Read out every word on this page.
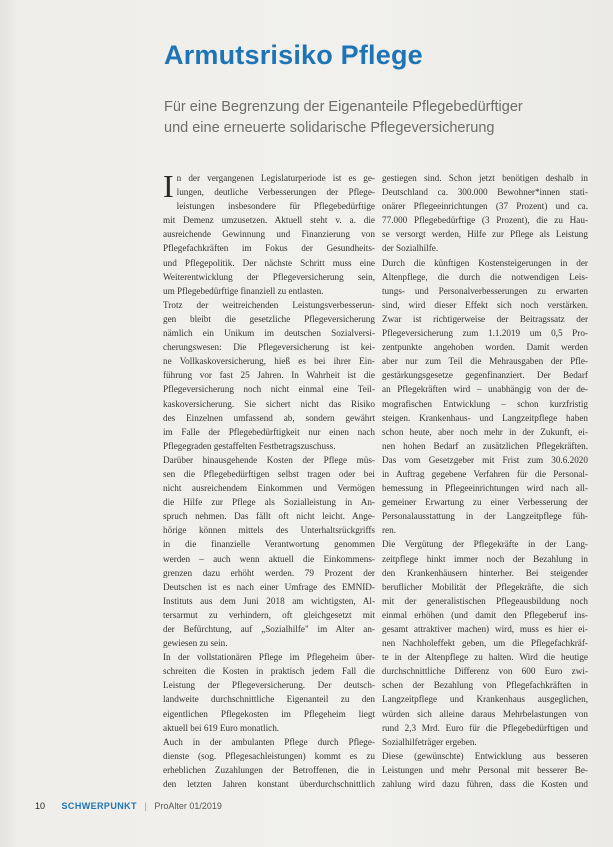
Armutsrisiko Pflege
Für eine Begrenzung der Eigenanteile Pflegebedürftiger
und eine erneuerte solidarische Pflegeversicherung
I n der vergangenen Legislaturperiode ist es ge-
lungen, deutliche Verbesserungen der Pflege-
leistungen insbesondere für Pflegebedürftige
mit Demenz umzusetzen. Aktuell steht v. a. die
ausreichende Gewinnung und Finanzierung von
Pflegefachkräften im Fokus der Gesundheits-
und Pflegepolitik. Der nächste Schritt muss eine
Weiterentwicklung der Pflegeversicherung sein,
um Pflegebedürftige finanziell zu entlasten.
Trotz der weitreichenden Leistungsverbesserun-
gen bleibt die gesetzliche Pflegeversicherung
nämlich ein Unikum im deutschen Sozialversi-
cherungswesen: Die Pflegeversicherung ist kei-
ne Vollkaskoversicherung, hieß es bei ihrer Ein-
führung vor fast 25 Jahren. In Wahrheit ist die
Pflegeversicherung noch nicht einmal eine Teil-
kaskoversicherung. Sie sichert nicht das Risiko
des Einzelnen umfassend ab, sondern gewährt
im Falle der Pflegebedürftigkeit nur einen nach
Pflegegraden gestaffelten Festbetragszuschuss.
Darüber hinausgehende Kosten der Pflege müs-
sen die Pflegebedürftigen selbst tragen oder bei
nicht ausreichendem Einkommen und Vermögen
die Hilfe zur Pflege als Sozialleistung in An-
spruch nehmen. Das fällt oft nicht leicht. Ange-
hörige können mittels des Unterhaltsrückgriffs
in die finanzielle Verantwortung genommen
werden – auch wenn aktuell die Einkommens-
grenzen dazu erhöht werden. 79 Prozent der
Deutschen ist es nach einer Umfrage des EMNID-
Instituts aus dem Juni 2018 am wichtigsten, Al-
tersarmut zu verhindern, oft gleichgesetzt mit
der Befürchtung, auf „Sozialhilfe" im Alter an-
gewiesen zu sein.
In der vollstationären Pflege im Pflegeheim über-
schreiten die Kosten in praktisch jedem Fall die
Leistung der Pflegeversicherung. Der deutsch-
landweite durchschnittliche Eigenanteil zu den
eigentlichen Pflegekosten im Pflegeheim liegt
aktuell bei 619 Euro monatlich.
Auch in der ambulanten Pflege durch Pflege-
dienste (sog. Pflegesachleistungen) kommt es zu
erheblichen Zuzahlungen der Betroffenen, die in
den letzten Jahren konstant überdurchschnittlich
gestiegen sind. Schon jetzt benötigen deshalb in
Deutschland ca. 300.000 Bewohner*innen stati-
onärer Pflegeeinrichtungen (37 Prozent) und ca.
77.000 Pflegebedürftige (3 Prozent), die zu Hau-
se versorgt werden, Hilfe zur Pflege als Leistung
der Sozialhilfe.
Durch die künftigen Kostensteigerungen in der
Altenpflege, die durch die notwendigen Leis-
tungs- und Personalverbesserungen zu erwarten
sind, wird dieser Effekt sich noch verstärken.
Zwar ist richtigerweise der Beitragssatz der
Pflegeversicherung zum 1.1.2019 um 0,5 Pro-
zentpunkte angehoben worden. Damit werden
aber nur zum Teil die Mehrausgaben der Pfle-
gestärkungsgesetze gegenfinanziert. Der Bedarf
an Pflegekräften wird – unabhängig von der de-
mografischen Entwicklung – schon kurzfristig
steigen. Krankenhaus- und Langzeitpflege haben
schon heute, aber noch mehr in der Zukunft, ei-
nen hohen Bedarf an zusätzlichen Pflegekräften.
Das vom Gesetzgeber mit Frist zum 30.6.2020
in Auftrag gegebene Verfahren für die Personal-
bemessung in Pflegeeinrichtungen wird nach all-
gemeiner Erwartung zu einer Verbesserung der
Personalausstattung in der Langzeitpflege füh-
ren.
Die Vergütung der Pflegekräfte in der Lang-
zeitpflege hinkt immer noch der Bezahlung in
den Krankenhäusern hinterher. Bei steigender
beruflicher Mobilität der Pflegekräfte, die sich
mit der generalistischen Pflegeausbildung noch
einmal erhöhen (und damit den Pflegeberuf ins-
gesamt attraktiver machen) wird, muss es hier ei-
nen Nachholeffekt geben, um die Pflegefachkräf-
te in der Altenpflege zu halten. Wird die heutige
durchschnittliche Differenz von 600 Euro zwi-
schen der Bezahlung von Pflegefachkräften in
Langzeitpflege und Krankenhaus ausgeglichen,
würden sich alleine daraus Mehrbelastungen von
rund 2,3 Mrd. Euro für die Pflegebedürftigen und
Sozialhilfeträger ergeben.
Diese (gewünschte) Entwicklung aus besseren
Leistungen und mehr Personal mit besserer Be-
zahlung wird dazu führen, dass die Kosten und
10 SCHWERPUNKT | ProAlter 01/2019
